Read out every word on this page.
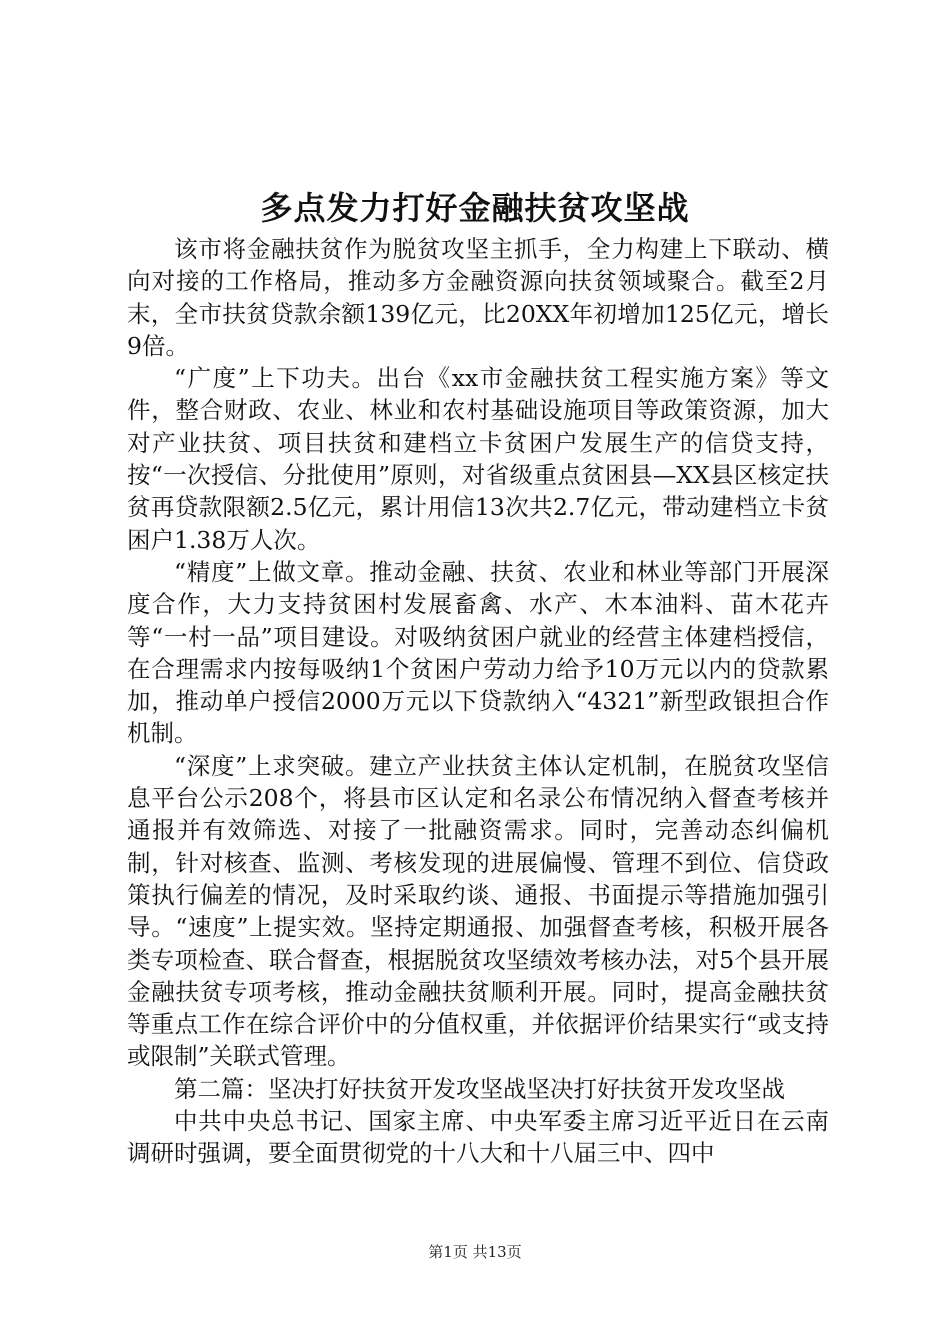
多点发力打好金融扶贫攻坚战

该市将金融扶贫作为脱贫攻坚主抓手，全力构建上下联动、横向对接的工作格局，推动多方金融资源向扶贫领域聚合。截至2月末，全市扶贫贷款余额139亿元，比20XX年初增加125亿元，增长9倍。

“广度”上下功夫。出台《xx市金融扶贫工程实施方案》等文件，整合财政、农业、林业和农村基础设施项目等政策资源，加大对产业扶贫、项目扶贫和建档立卡贫困户发展生产的信贷支持，按“一次授信、分批使用”原则，对省级重点贫困县—XX县区核定扶贫再贷款限额2.5亿元，累计用信13次共2.7亿元，带动建档立卡贫困户1.38万人次。

“精度”上做文章。推动金融、扶贫、农业和林业等部门开展深度合作，大力支持贫困村发展畜禽、水产、木本油料、苗木花卉等“一村一品”项目建设。对吸纳贫困户就业的经营主体建档授信，在合理需求内按每吸纳1个贫困户劳动力给予10万元以内的贷款累加，推动单户授信2000万元以下贷款纳入“4321”新型政银担合作机制。

“深度”上求突破。建立产业扶贫主体认定机制，在脱贫攻坚信息平台公示208个，将县市区认定和名录公布情况纳入督查考核并通报并有效筛选、对接了一批融资需求。同时，完善动态纠偏机制，针对核查、监测、考核发现的进展偏慢、管理不到位、信贷政策执行偏差的情况，及时采取约谈、通报、书面提示等措施加强引导。“速度”上提实效。坚持定期通报、加强督查考核，积极开展各类专项检查、联合督查，根据脱贫攻坚绩效考核办法，对5个县开展金融扶贫专项考核，推动金融扶贫顺利开展。同时，提高金融扶贫等重点工作在综合评价中的分值权重，并依据评价结果实行“或支持或限制”关联式管理。

第二篇：坚决打好扶贫开发攻坚战坚决打好扶贫开发攻坚战

中共中央总书记、国家主席、中央军委主席习近平近日在云南调研时强调，要全面贯彻党的十八大和十八届三中、四中

第1页 共13页
